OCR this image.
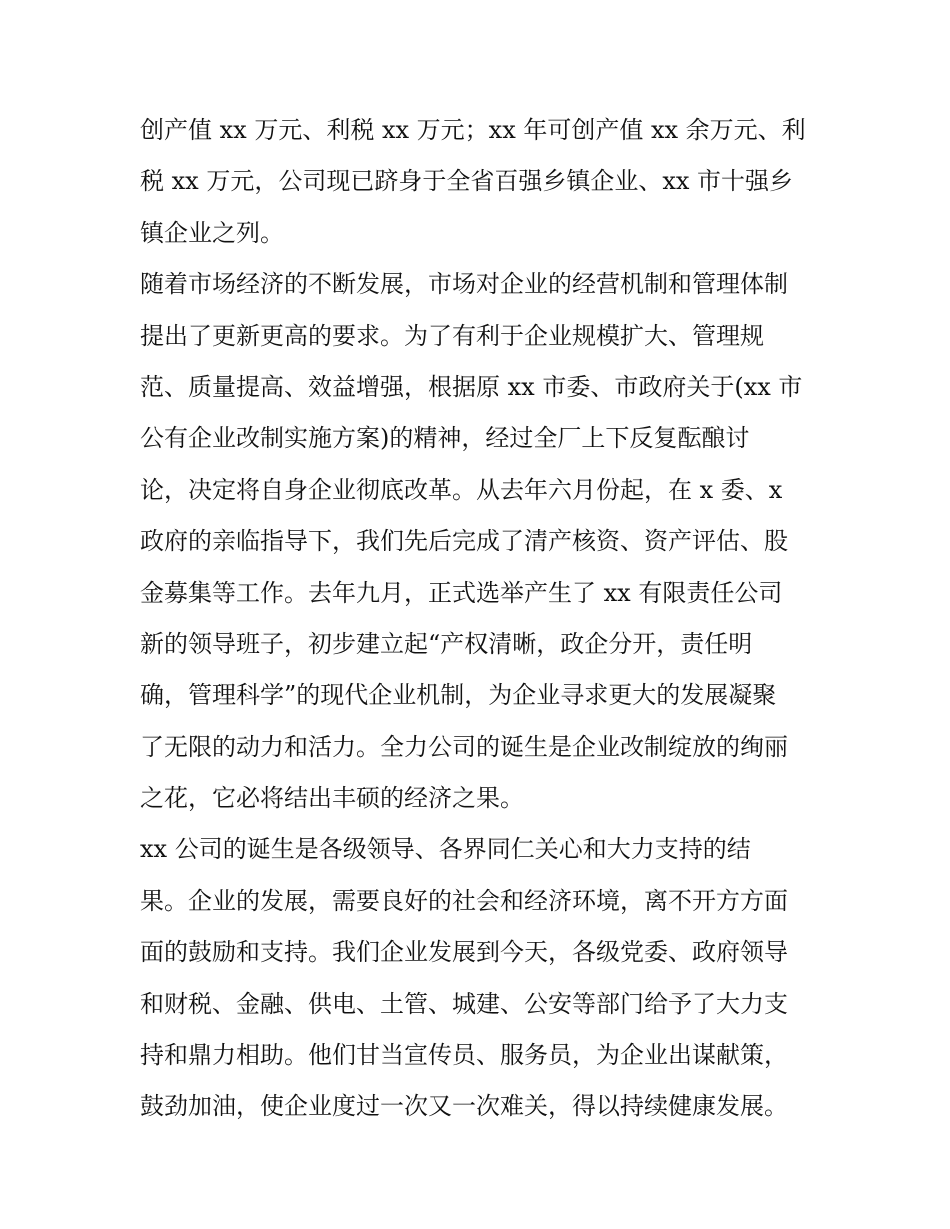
创产值 xx 万元、利税 xx 万元；xx 年可创产值 xx 余万元、利
税 xx 万元，公司现已跻身于全省百强乡镇企业、xx 市十强乡
镇企业之列。
随着市场经济的不断发展，市场对企业的经营机制和管理体制
提出了更新更高的要求。为了有利于企业规模扩大、管理规
范、质量提高、效益增强，根据原 xx 市委、市政府关于(xx 市
公有企业改制实施方案)的精神，经过全厂上下反复酝酿讨
论，决定将自身企业彻底改革。从去年六月份起，在 x 委、x
政府的亲临指导下，我们先后完成了清产核资、资产评估、股
金募集等工作。去年九月，正式选举产生了 xx 有限责任公司
新的领导班子，初步建立起“产权清晰，政企分开，责任明
确，管理科学”的现代企业机制，为企业寻求更大的发展凝聚
了无限的动力和活力。全力公司的诞生是企业改制绽放的绚丽
之花，它必将结出丰硕的经济之果。
xx 公司的诞生是各级领导、各界同仁关心和大力支持的结
果。企业的发展，需要良好的社会和经济环境，离不开方方面
面的鼓励和支持。我们企业发展到今天，各级党委、政府领导
和财税、金融、供电、土管、城建、公安等部门给予了大力支
持和鼎力相助。他们甘当宣传员、服务员，为企业出谋献策，
鼓劲加油，使企业度过一次又一次难关，得以持续健康发展。
